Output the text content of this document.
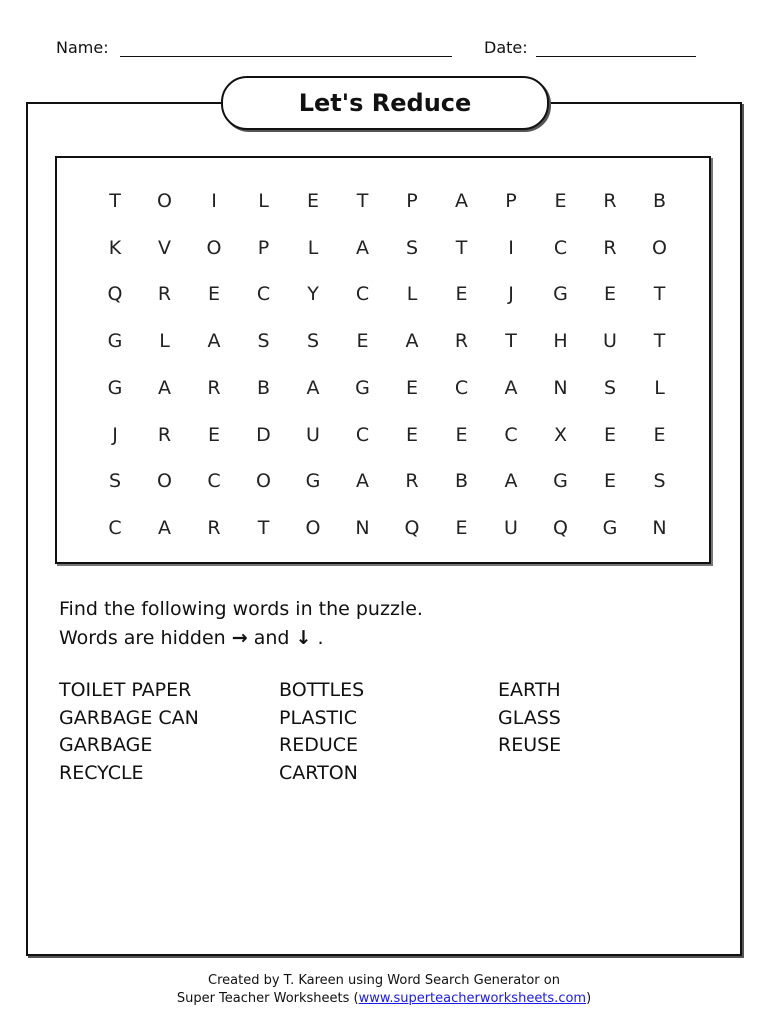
Name:	Date:
Let's Reduce
T	O	I	L	E	T	P	A	P	E	R	B
K	V	O	P	L	A	S	T	I	C	R	O
Q	R	E	C	Y	C	L	E	J	G	E	T
G	L	A	S	S	E	A	R	T	H	U	T
G	A	R	B	A	G	E	C	A	N	S	L
J	R	E	D	U	C	E	E	C	X	E	E
S	O	C	O	G	A	R	B	A	G	E	S
C	A	R	T	O	N	Q	E	U	Q	G	N
Find the following words in the puzzle.
Words are hidden → and ↓ .
TOILET PAPER
GARBAGE CAN
GARBAGE
RECYCLE
BOTTLES
PLASTIC
REDUCE
CARTON
EARTH
GLASS
REUSE
Created by T. Kareen using Word Search Generator on
Super Teacher Worksheets (www.superteacherworksheets.com)
